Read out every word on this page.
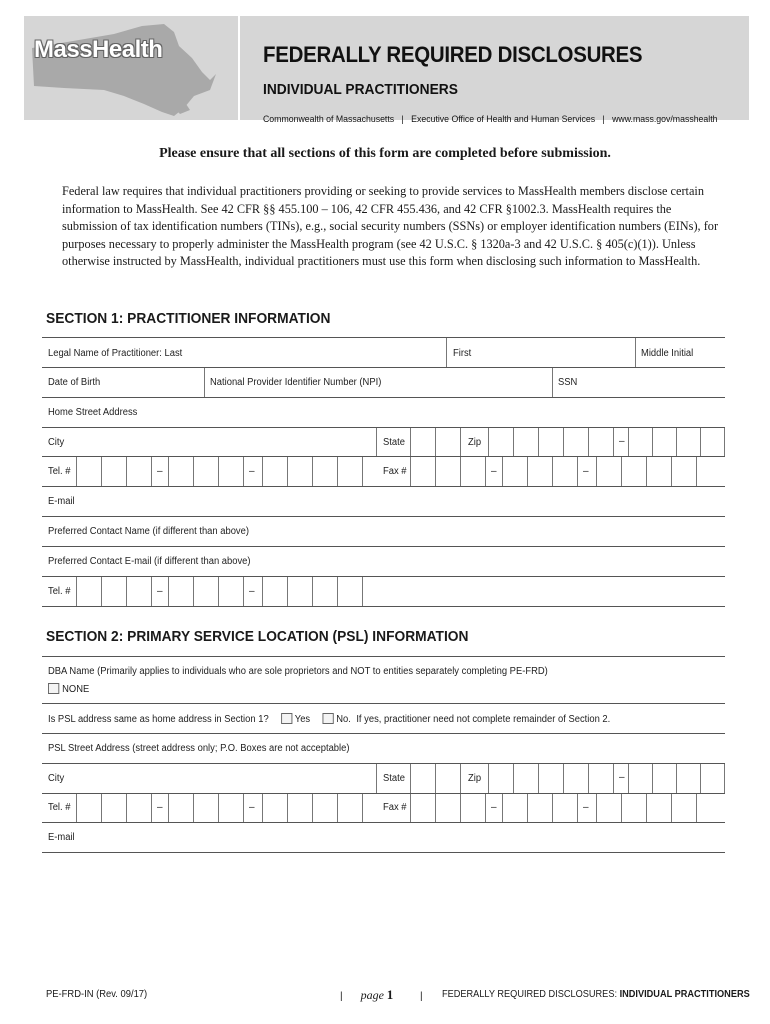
MassHealth	FEDERALLY REQUIRED DISCLOSURES
INDIVIDUAL PRACTITIONERS
Commonwealth of Massachusetts | Executive Office of Health and Human Services | www.mass.gov/masshealth
Please ensure that all sections of this form are completed before submission.
Federal law requires that individual practitioners providing or seeking to provide services to MassHealth members disclose certain information to MassHealth. See 42 CFR §§ 455.100 – 106, 42 CFR 455.436, and 42 CFR §1002.3. MassHealth requires the submission of tax identification numbers (TINs), e.g., social security numbers (SSNs) or employer identification numbers (EINs), for purposes necessary to properly administer the MassHealth program (see 42 U.S.C. § 1320a-3 and 42 U.S.C. § 405(c)(1)). Unless otherwise instructed by MassHealth, individual practitioners must use this form when disclosing such information to MassHealth.
SECTION 1: PRACTITIONER INFORMATION
Legal Name of Practitioner: Last	First	Middle Initial
Date of Birth	National Provider Identifier Number (NPI)	SSN
Home Street Address
City	State	Zip	–
Tel. #	–	–	Fax #	–	–
E-mail
Preferred Contact Name (if different than above)
Preferred Contact E-mail (if different than above)
Tel. #	–	–
SECTION 2: PRIMARY SERVICE LOCATION (PSL) INFORMATION
DBA Name (Primarily applies to individuals who are sole proprietors and NOT to entities separately completing PE-FRD)
NONE
Is PSL address same as home address in Section 1?	Yes	No. If yes, practitioner need not complete remainder of Section 2.
PSL Street Address (street address only; P.O. Boxes are not acceptable)
City	State	Zip	–
Tel. #	–	–	Fax #	–	–
E-mail
PE-FRD-IN (Rev. 09/17)	| page 1	| FEDERALLY REQUIRED DISCLOSURES: INDIVIDUAL PRACTITIONERS
